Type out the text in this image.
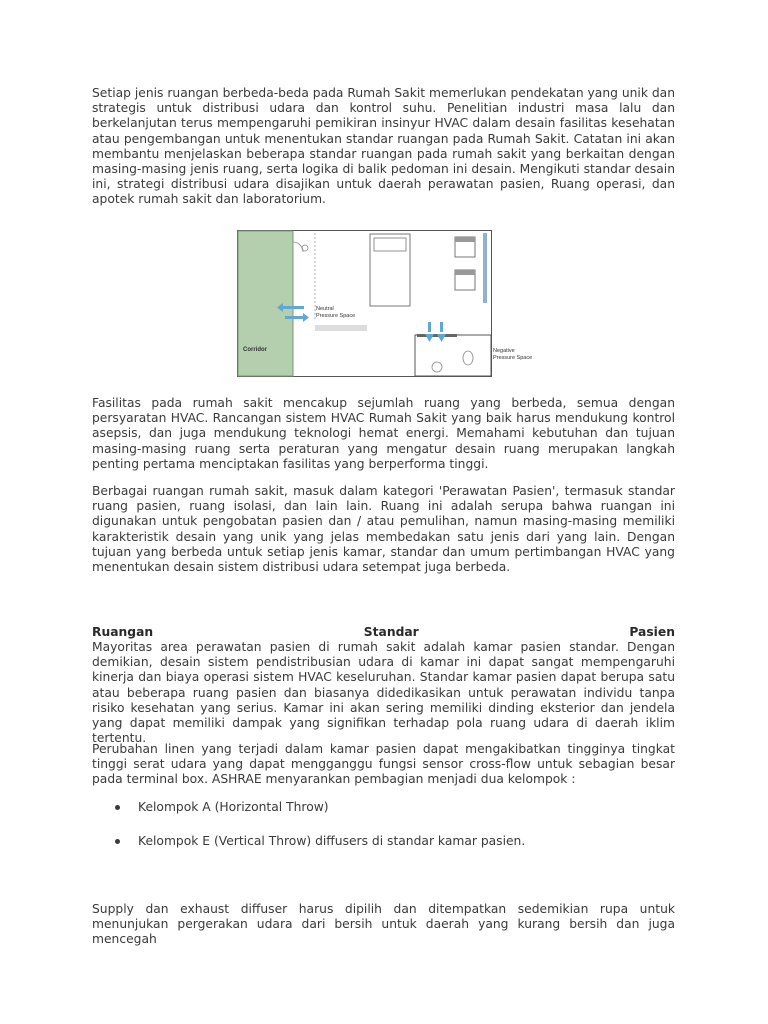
Setiap jenis ruangan berbeda-beda pada Rumah Sakit memerlukan pendekatan yang unik dan strategis untuk distribusi udara dan kontrol suhu. Penelitian industri masa lalu dan berkelanjutan terus mempengaruhi pemikiran insinyur HVAC dalam desain fasilitas kesehatan atau pengembangan untuk menentukan standar ruangan pada Rumah Sakit. Catatan ini akan membantu menjelaskan beberapa standar ruangan pada rumah sakit yang berkaitan dengan masing-masing jenis ruang, serta logika di balik pedoman ini desain. Mengikuti standar desain ini, strategi distribusi udara disajikan untuk daerah perawatan pasien, Ruang operasi, dan apotek rumah sakit dan laboratorium.

Corridor
Neutral
Pressure Space
Negative
Pressure Space

Fasilitas pada rumah sakit mencakup sejumlah ruang yang berbeda, semua dengan persyaratan HVAC. Rancangan sistem HVAC Rumah Sakit yang baik harus mendukung kontrol asepsis, dan juga mendukung teknologi hemat energi. Memahami kebutuhan dan tujuan masing-masing ruang serta peraturan yang mengatur desain ruang merupakan langkah penting pertama menciptakan fasilitas yang berperforma tinggi.

Berbagai ruangan rumah sakit, masuk dalam kategori 'Perawatan Pasien', termasuk standar ruang pasien, ruang isolasi, dan lain lain. Ruang ini adalah serupa bahwa ruangan ini digunakan untuk pengobatan pasien dan / atau pemulihan, namun masing-masing memiliki karakteristik desain yang unik yang jelas membedakan satu jenis dari yang lain. Dengan tujuan yang berbeda untuk setiap jenis kamar, standar dan umum pertimbangan HVAC yang menentukan desain sistem distribusi udara setempat juga berbeda.

Ruangan	Standar	Pasien

Mayoritas area perawatan pasien di rumah sakit adalah kamar pasien standar. Dengan demikian, desain sistem pendistribusian udara di kamar ini dapat sangat mempengaruhi kinerja dan biaya operasi sistem HVAC keseluruhan. Standar kamar pasien dapat berupa satu atau beberapa ruang pasien dan biasanya didedikasikan untuk perawatan individu tanpa risiko kesehatan yang serius. Kamar ini akan sering memiliki dinding eksterior dan jendela yang dapat memiliki dampak yang signifikan terhadap pola ruang udara di daerah iklim tertentu.

Perubahan linen yang terjadi dalam kamar pasien dapat mengakibatkan tingginya tingkat tinggi serat udara yang dapat mengganggu fungsi sensor cross-flow untuk sebagian besar pada terminal box. ASHRAE menyarankan pembagian menjadi dua kelompok :

Kelompok A (Horizontal Throw)
Kelompok E (Vertical Throw) diffusers di standar kamar pasien.

Supply dan exhaust diffuser harus dipilih dan ditempatkan sedemikian rupa untuk menunjukan pergerakan udara dari bersih untuk daerah yang kurang bersih dan juga mencegah
